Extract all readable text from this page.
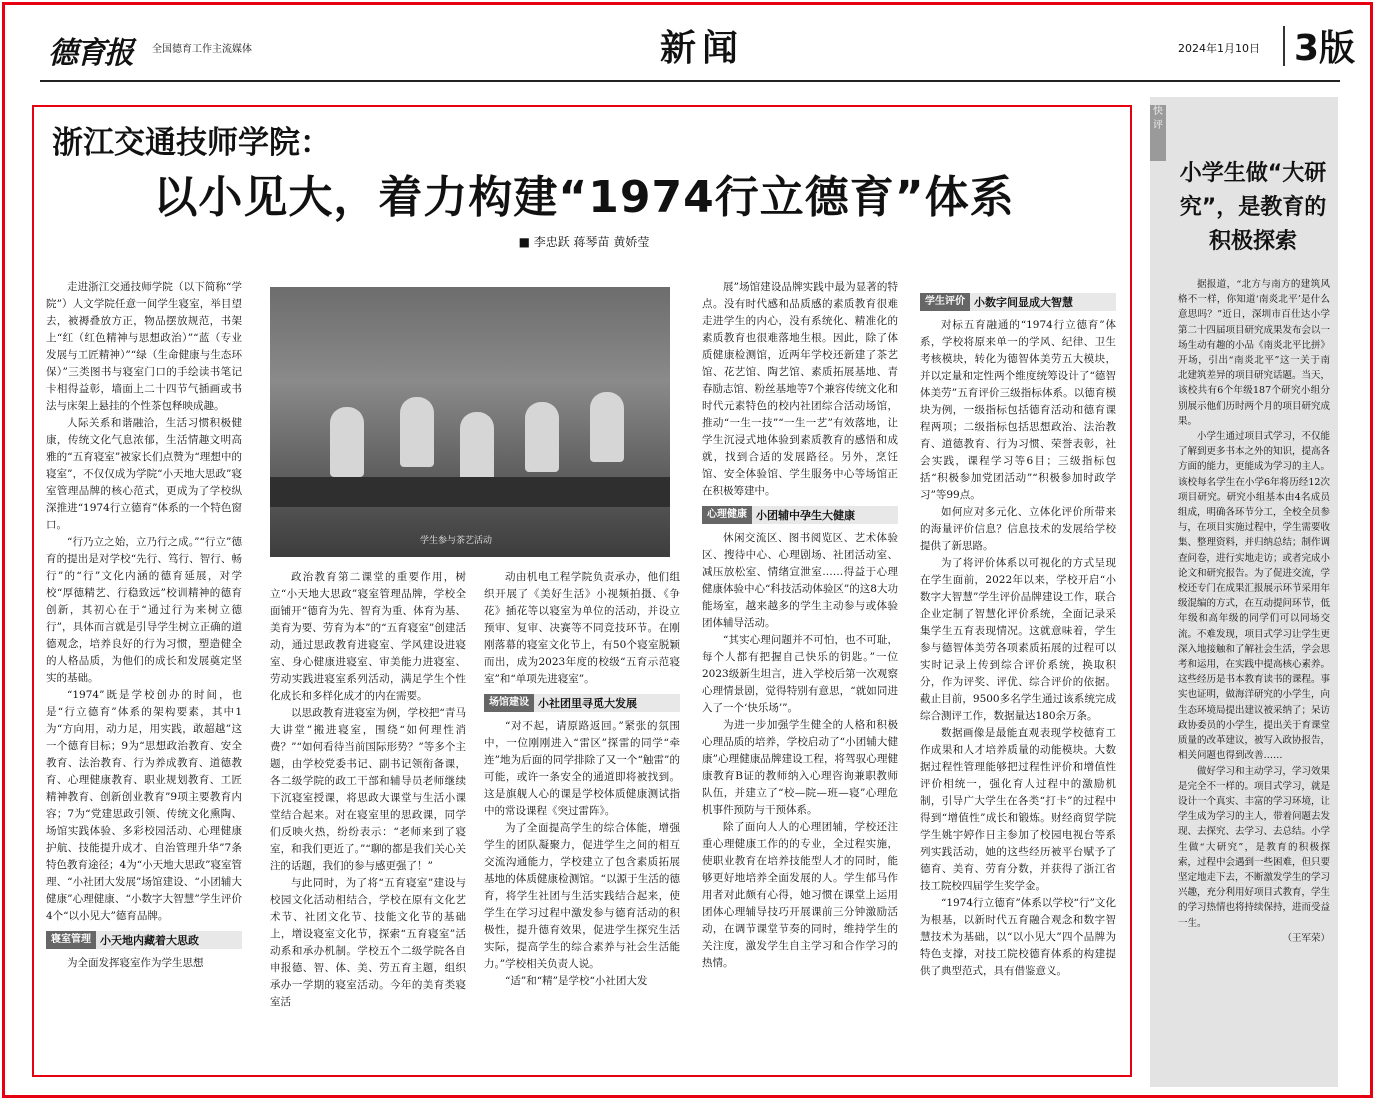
德育报 全国德育工作主流媒体	新闻	2024年1月10日 3版
浙江交通技师学院：
以小见大，着力构建“1974行立德育”体系
■ 李忠跃 蒋琴苗 黄娇莹

走进浙江交通技师学院（以下简称“学院”）人文学院任意一间学生寝室，举目望去，被褥叠放方正，物品摆放规范，书架上“红（红色精神与思想政治）”“蓝（专业发展与工匠精神）”“绿（生命健康与生态环保）”三类图书与寝室门口的手绘读书笔记卡相得益彰，墙面上二十四节气插画或书法与床架上悬挂的个性茶包释映成趣。

人际关系和谐融洽，生活习惯积极健康，传统文化气息浓郁，生活情趣文明高雅的“五育寝室”被家长们点赞为“理想中的寝室”，不仅仅成为学院“小天地大思政”寝室管理品牌的核心范式，更成为了学校纵深推进“1974行立德育”体系的一个特色窗口。

“行乃立之始，立乃行之成。”“行立”德育的提出是对学校“先行、笃行、智行、畅行”的“行”文化内涵的德育延展，对学校“厚德精艺、行稳致远”校训精神的德育创新，其初心在于“通过行为来树立德行”，具体而言就是引导学生树立正确的道德观念，培养良好的行为习惯，塑造健全的人格品质，为他们的成长和发展奠定坚实的基础。

“1974”既是学校创办的时间，也是“行立德育”体系的架构要素，其中1为“方向用，动力足，用实践，敢超越”这一个德育目标；9为“思想政治教育、安全教育、法治教育、行为养成教育、道德教育、心理健康教育、职业规划教育、工匠精神教育、创新创业教育”9项主要教育内容；7为“党建思政引领、传统文化熏陶、场馆实践体验、多彩校园活动、心理健康护航、技能提升成才、自治管理升华”7条特色教育途径；4为“小天地大思政”寝室管理、“小社团大发展”场馆建设、“小团辅大健康”心理健康、“小数字大智慧”学生评价4个“以小见大”德育品牌。

寝室管理 小天地内藏着大思政

为全面发挥寝室作为学生思想

学生参与茶艺活动

政治教育第二课堂的重要作用，树立“小天地大思政”寝室管理品牌，学校全面铺开“德育为先、智育为重、体育为基、美育为要、劳育为本”的“五育寝室”创建活动，通过思政教育进寝室、学风建设进寝室、身心健康进寝室、审美能力进寝室、劳动实践进寝室系列活动，满足学生个性化成长和多样化成才的内在需要。

以思政教育进寝室为例，学校把“青马大讲堂”搬进寝室，围绕“如何理性消费？”“如何看待当前国际形势？”等多个主题，由学校党委书记、副书记领衔备课，各二级学院的政工干部和辅导员老师继续下沉寝室授课，将思政大课堂与生活小课堂结合起来。对在寝室里的思政课，同学们反映火热，纷纷表示：“老师来到了寝室，和我们更近了。”“聊的都是我们关心关注的话题，我们的参与感更强了！”

与此同时，为了将“五育寝室”建设与校园文化活动相结合，学校在原有文化艺术节、社团文化节、技能文化节的基础上，增设寝室文化节，探索“五育寝室”活动系和承办机制。学校五个二级学院各自申报德、智、体、美、劳五育主题，组织承办一学期的寝室活动。今年的美育类寝室活

动由机电工程学院负责承办，他们组织开展了《美好生活》小视频拍摄、《争花》插花等以寝室为单位的活动，并设立预审、复审、决赛等不同竞技环节。在刚刚落幕的寝室文化节上，有50个寝室脱颖而出，成为2023年度的校级“五育示范寝室”和“单项先进寝室”。

场馆建设 小社团里寻觅大发展

“对不起，请原路返回。”紧张的氛围中，一位刚刚进入“雷区”探雷的同学“牵连”地为后面的同学排除了又一个“触雷”的可能，或许一条安全的通道即将被找到。这是旗舰人心的课是学校体质健康测试指中的常设课程《突过雷阵》。

为了全面提高学生的综合体能，增强学生的团队凝聚力，促进学生之间的相互交流沟通能力，学校建立了包含素质拓展基地的体质健康检测馆。“以源于生活的德育，将学生社团与生活实践结合起来，使学生在学习过程中激发参与德育活动的积极性，提升德育效果，促进学生探究生活实际，提高学生的综合素养与社会生活能力。”学校相关负责人说。

“适”和“精”是学校“小社团大发

展”场馆建设品牌实践中最为显著的特点。没有时代感和品质感的素质教育很难走进学生的内心，没有系统化、精准化的素质教育也很难落地生根。因此，除了体质健康检测馆，近两年学校还新建了茶艺馆、花艺馆、陶艺馆、素质拓展基地、青春励志馆、粉丝基地等7个兼容传统文化和时代元素特色的校内社团综合活动场馆，推动“一生一技”“一生一艺”有效落地，让学生沉浸式地体验到素质教育的感悟和成就，找到合适的发展路径。另外，烹饪馆、安全体验馆、学生服务中心等场馆正在积极筹建中。

心理健康 小团辅中孕生大健康

休闲交流区、图书阅览区、艺术体验区、搜待中心、心理剧场、社团活动室、减压放松室、情绪宣泄室……得益于心理健康体验中心“科技活动体验区”的这8大功能场室，越来越多的学生主动参与或体验团体辅导活动。

“其实心理问题并不可怕，也不可耻，每个人都有把握自己快乐的钥匙。”一位2023级新生坦言，进入学校后第一次观察心理情景剧，觉得特别有意思，“就如同进入了一个‘快乐场’”。

为进一步加强学生健全的人格和积极心理品质的培养，学校启动了“小团辅大健康”心理健康品牌建设工程，将驾驭心理健康教育B证的教师纳入心理咨询兼职教师队伍，并建立了“校—院—班—寝”心理危机事件预防与干预体系。

除了面向人人的心理团辅，学校还注重心理健康工作的的专业，全过程实施，使职业教育在培养技能型人才的同时，能够更好地培养全面发展的人。学生郁马作用者对此颇有心得，她习惯在课堂上运用团体心理辅导技巧开展课前三分钟激励活动，在调节课堂节奏的同时，维持学生的关注度，激发学生自主学习和合作学习的热情。

学生评价 小数字间显成大智慧

对标五育融通的“1974行立德育”体系，学校将原来单一的学风、纪律、卫生考核模块，转化为德智体美劳五大模块，并以定量和定性两个维度统筹设计了“德智体美劳”五育评价三级指标体系。以德育模块为例，一级指标包括德育活动和德育课程两项；二级指标包括思想政治、法治教育、道德教育、行为习惯、荣誉表彰，社会实践，课程学习等6目；三级指标包括“积极参加党团活动”“积极参加时政学习”等99点。

如何应对多元化、立体化评价所带来的海量评价信息？信息技术的发展给学校提供了新思路。

为了将评价体系以可视化的方式呈现在学生面前，2022年以来，学校开启“小数字大智慧”学生评价品牌建设工作，联合企业定制了智慧化评价系统，全面记录采集学生五育表现情况。这就意味着，学生参与德智体美劳各项素质拓展的过程可以实时记录上传到综合评价系统，换取积分，作为评奖、评优、综合评价的依据。截止目前，9500多名学生通过该系统完成综合测评工作，数据量达180余万条。

数据画像是最能直观表现学校德育工作成果和人才培养质量的动能模块。大数据过程性管理能够把过程性评价和增值性评价相统一，强化育人过程中的激励机制，引导广大学生在各类“打卡”的过程中得到“增值性”成长和锻炼。财经商贸学院学生姚宇婷作日主参加了校园电视台等系列实践活动，她的这些经历被平台赋予了德育、美育、劳育分数，并获得了浙江省技工院校四届学生奖学金。

“1974行立德育”体系以学校“行”文化为根基，以新时代五育融合观念和数字智慧技术为基础，以“以小见大”四个品牌为特色支撑，对技工院校德育体系的构建提供了典型范式，具有借鉴意义。

快评
小学生做“大研究”，是教育的积极探索

据报道，“北方与南方的建筑风格不一样，你知道‘南炎北平’是什么意思吗？”近日，深圳市百仕达小学第二十四届项目研究成果发布会以一场生动有趣的小品《南炎北平比拼》开场，引出“南炎北平”这一关于南北建筑差异的项目研究话题。当天，该校共有6个年级187个研究小组分别展示他们历时两个月的项目研究成果。

小学生通过项目式学习，不仅能了解到更多书本之外的知识，提高各方面的能力，更能成为学习的主人。该校每名学生在小学6年将历经12次项目研究。研究小组基本由4名成员组成，明确各环节分工，全校全员参与，在项目实施过程中，学生需要收集、整理资料，并归纳总结；制作调查问卷，进行实地走访；或者完成小论文和研究报告。为了促进交流，学校还专门在成果汇报展示环节采用年级混编的方式，在互动提问环节，低年级和高年级的同学们可以同场交流。不难发现，项目式学习让学生更深入地接触和了解社会生活，学会思考和运用，在实践中提高核心素养。这些经历是书本教育读书的课程。事实也证明，做海洋研究的小学生，向生态环境局提出建议被采纳了；呆访政协委员的小学生，提出关于育课堂质量的改革建议，被写入政协报告，相关问题也得到改善……

做好学习和主动学习，学习效果是完全不一样的。项目式学习，就是设计一个真实、丰富的学习环境，让学生成为学习的主人，带着问题去发现、去探究、去学习、去总结。小学生做“大研究”，是教育的积极探索，过程中会遇到一些困难，但只要坚定地走下去，不断激发学生的学习兴趣，充分利用好项目式教育，学生的学习热情也将持续保持，进而受益一生。

（王军荣）
